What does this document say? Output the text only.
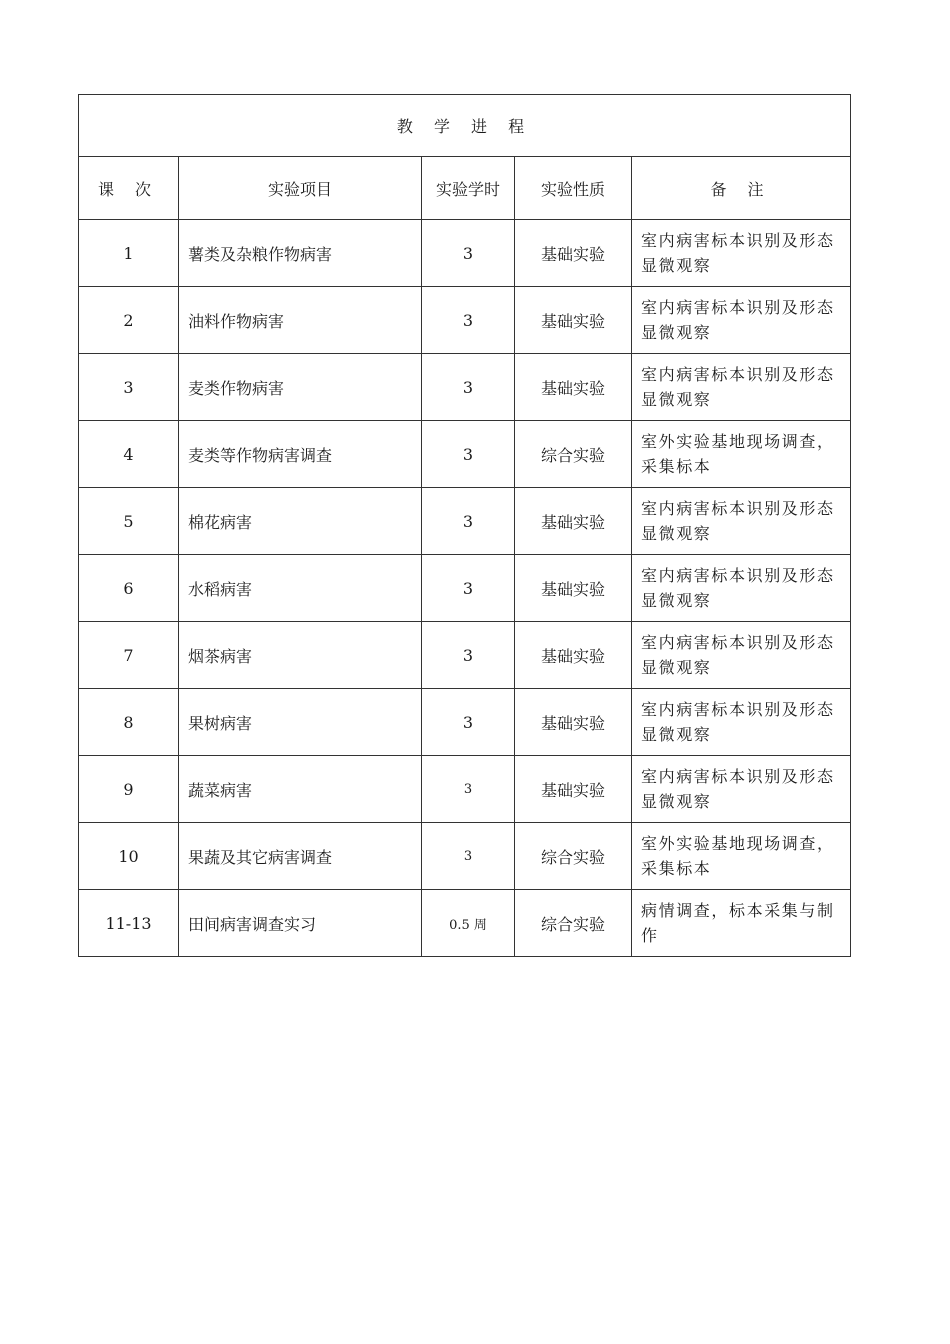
教 学 进 程				
课 次	实验项目	实验学时	实验性质	备 注
1	薯类及杂粮作物病害	3	基础实验	室内病害标本识别及形态显微观察
2	油料作物病害	3	基础实验	室内病害标本识别及形态显微观察
3	麦类作物病害	3	基础实验	室内病害标本识别及形态显微观察
4	麦类等作物病害调查	3	综合实验	室外实验基地现场调查，采集标本
5	棉花病害	3	基础实验	室内病害标本识别及形态显微观察
6	水稻病害	3	基础实验	室内病害标本识别及形态显微观察
7	烟茶病害	3	基础实验	室内病害标本识别及形态显微观察
8	果树病害	3	基础实验	室内病害标本识别及形态显微观察
9	蔬菜病害	3	基础实验	室内病害标本识别及形态显微观察
10	果蔬及其它病害调查	3	综合实验	室外实验基地现场调查，采集标本
11-13	田间病害调查实习	0.5 周	综合实验	病情调查，标本采集与制作
